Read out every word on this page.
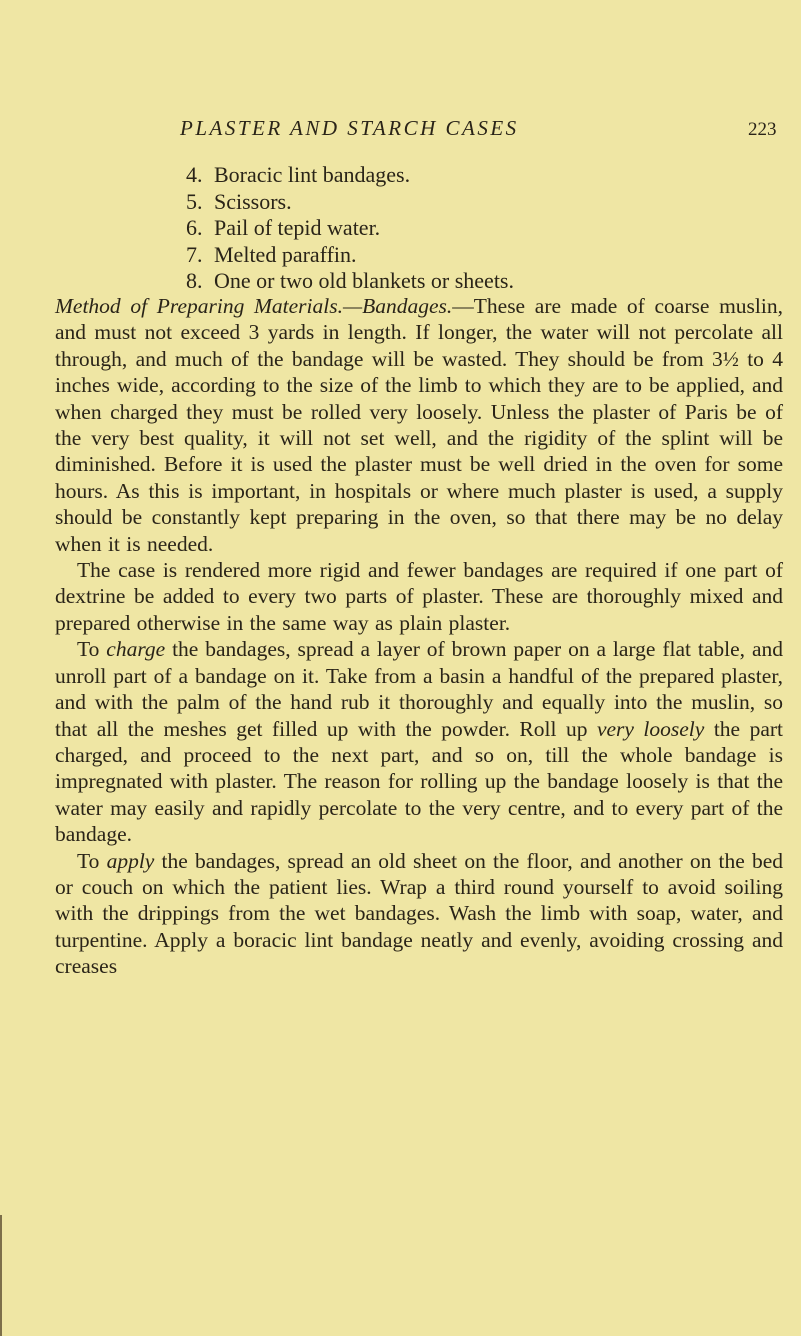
PLASTER AND STARCH CASES	223
4. Boracic lint bandages.
5. Scissors.
6. Pail of tepid water.
7. Melted paraffin.
8. One or two old blankets or sheets.

Method of Preparing Materials.—Bandages.—These are made of coarse muslin, and must not exceed 3 yards in length. If longer, the water will not percolate all through, and much of the bandage will be wasted. They should be from 3½ to 4 inches wide, according to the size of the limb to which they are to be applied, and when charged they must be rolled very loosely. Unless the plaster of Paris be of the very best quality, it will not set well, and the rigidity of the splint will be diminished. Before it is used the plaster must be well dried in the oven for some hours. As this is important, in hospitals or where much plaster is used, a supply should be constantly kept preparing in the oven, so that there may be no delay when it is needed.

The case is rendered more rigid and fewer bandages are required if one part of dextrine be added to every two parts of plaster. These are thoroughly mixed and prepared otherwise in the same way as plain plaster.

To charge the bandages, spread a layer of brown paper on a large flat table, and unroll part of a bandage on it. Take from a basin a handful of the prepared plaster, and with the palm of the hand rub it thoroughly and equally into the muslin, so that all the meshes get filled up with the powder. Roll up very loosely the part charged, and proceed to the next part, and so on, till the whole bandage is impregnated with plaster. The reason for rolling up the bandage loosely is that the water may easily and rapidly percolate to the very centre, and to every part of the bandage.

To apply the bandages, spread an old sheet on the floor, and another on the bed or couch on which the patient lies. Wrap a third round yourself to avoid soiling with the drippings from the wet bandages. Wash the limb with soap, water, and turpentine. Apply a boracic lint bandage neatly and evenly, avoiding crossing and creases
